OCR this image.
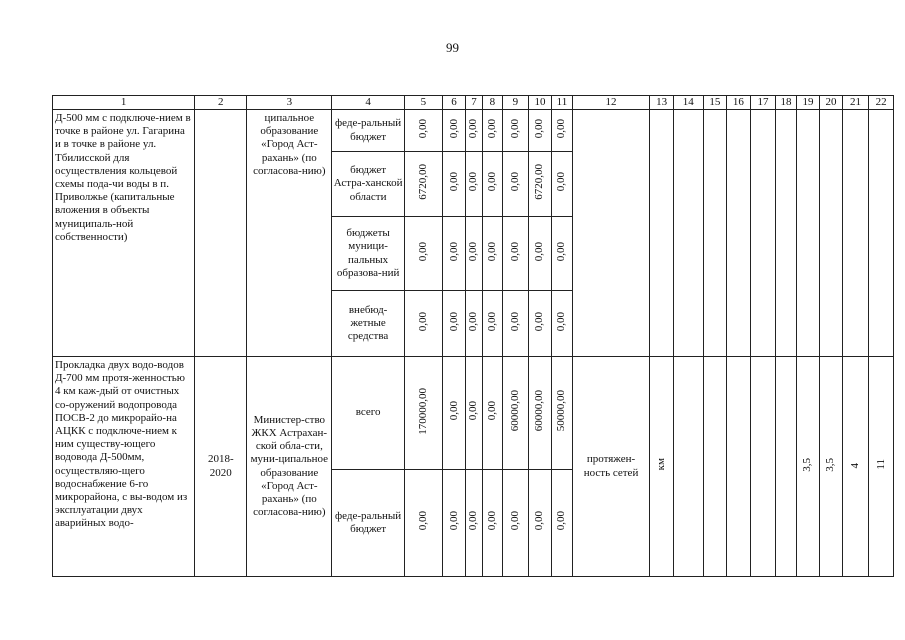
99
1	2	3	4	5	6	7	8	9	10	11	12	13	14	15	16	17	18	19	20	21	22
Д-500 мм с подключе-нием в точке в районе ул. Гагарина и в точке в районе ул. Тбилисской для осуществления кольцевой схемы пода-чи воды в п. Приволжье (капитальные вложения в объекты муниципаль-ной собственности)		ципальное образование «Город Аст-рахань» (по согласова-нию)	феде-ральный бюджет	0,00	0,00	0,00	0,00	0,00	0,00	0,00											
			бюджет Астра-ханской области	6720,00	0,00	0,00	0,00	0,00	6720,00	0,00											
			бюджеты муници-пальных образова-ний	0,00	0,00	0,00	0,00	0,00	0,00	0,00											
			внебюд-жетные средства	0,00	0,00	0,00	0,00	0,00	0,00	0,00											
Прокладка двух водо-водов Д-700 мм протя-женностью 4 км каж-дый от очистных со-оружений водопровода ПОСВ-2 до микрорайо-на АЦКК с подключе-нием к ним существу-ющего водовода Д-500мм, осуществляю-щего водоснабжение 6-го микрорайона, с вы-водом из эксплуатации двух аварийных водо-	2018-2020	Министер-ство ЖКХ Астрахан-ской обла-сти, муни-ципальное образование «Город Аст-рахань» (по согласова-нию)	всего	170000,00	0,00	0,00	0,00	60000,00	60000,00	50000,00	протяжен-ность сетей	км						3,5	3,5	4	11
			феде-ральный бюджет	0,00	0,00	0,00	0,00	0,00	0,00	0,00											
